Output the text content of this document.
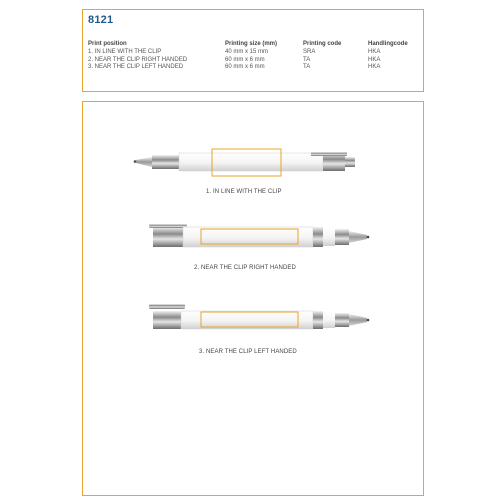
8121
Print position	Printing size (mm)	Printing code	Handlingcode
1. IN LINE WITH THE CLIP	40 mm x 15 mm	SRA	HKA
2. NEAR THE CLIP RIGHT HANDED	60 mm x 6 mm	TA	HKA
3. NEAR THE CLIP LEFT HANDED	60 mm x 6 mm	TA	HKA
1. IN LINE WITH THE CLIP
2. NEAR THE CLIP RIGHT HANDED
3. NEAR THE CLIP LEFT HANDED
